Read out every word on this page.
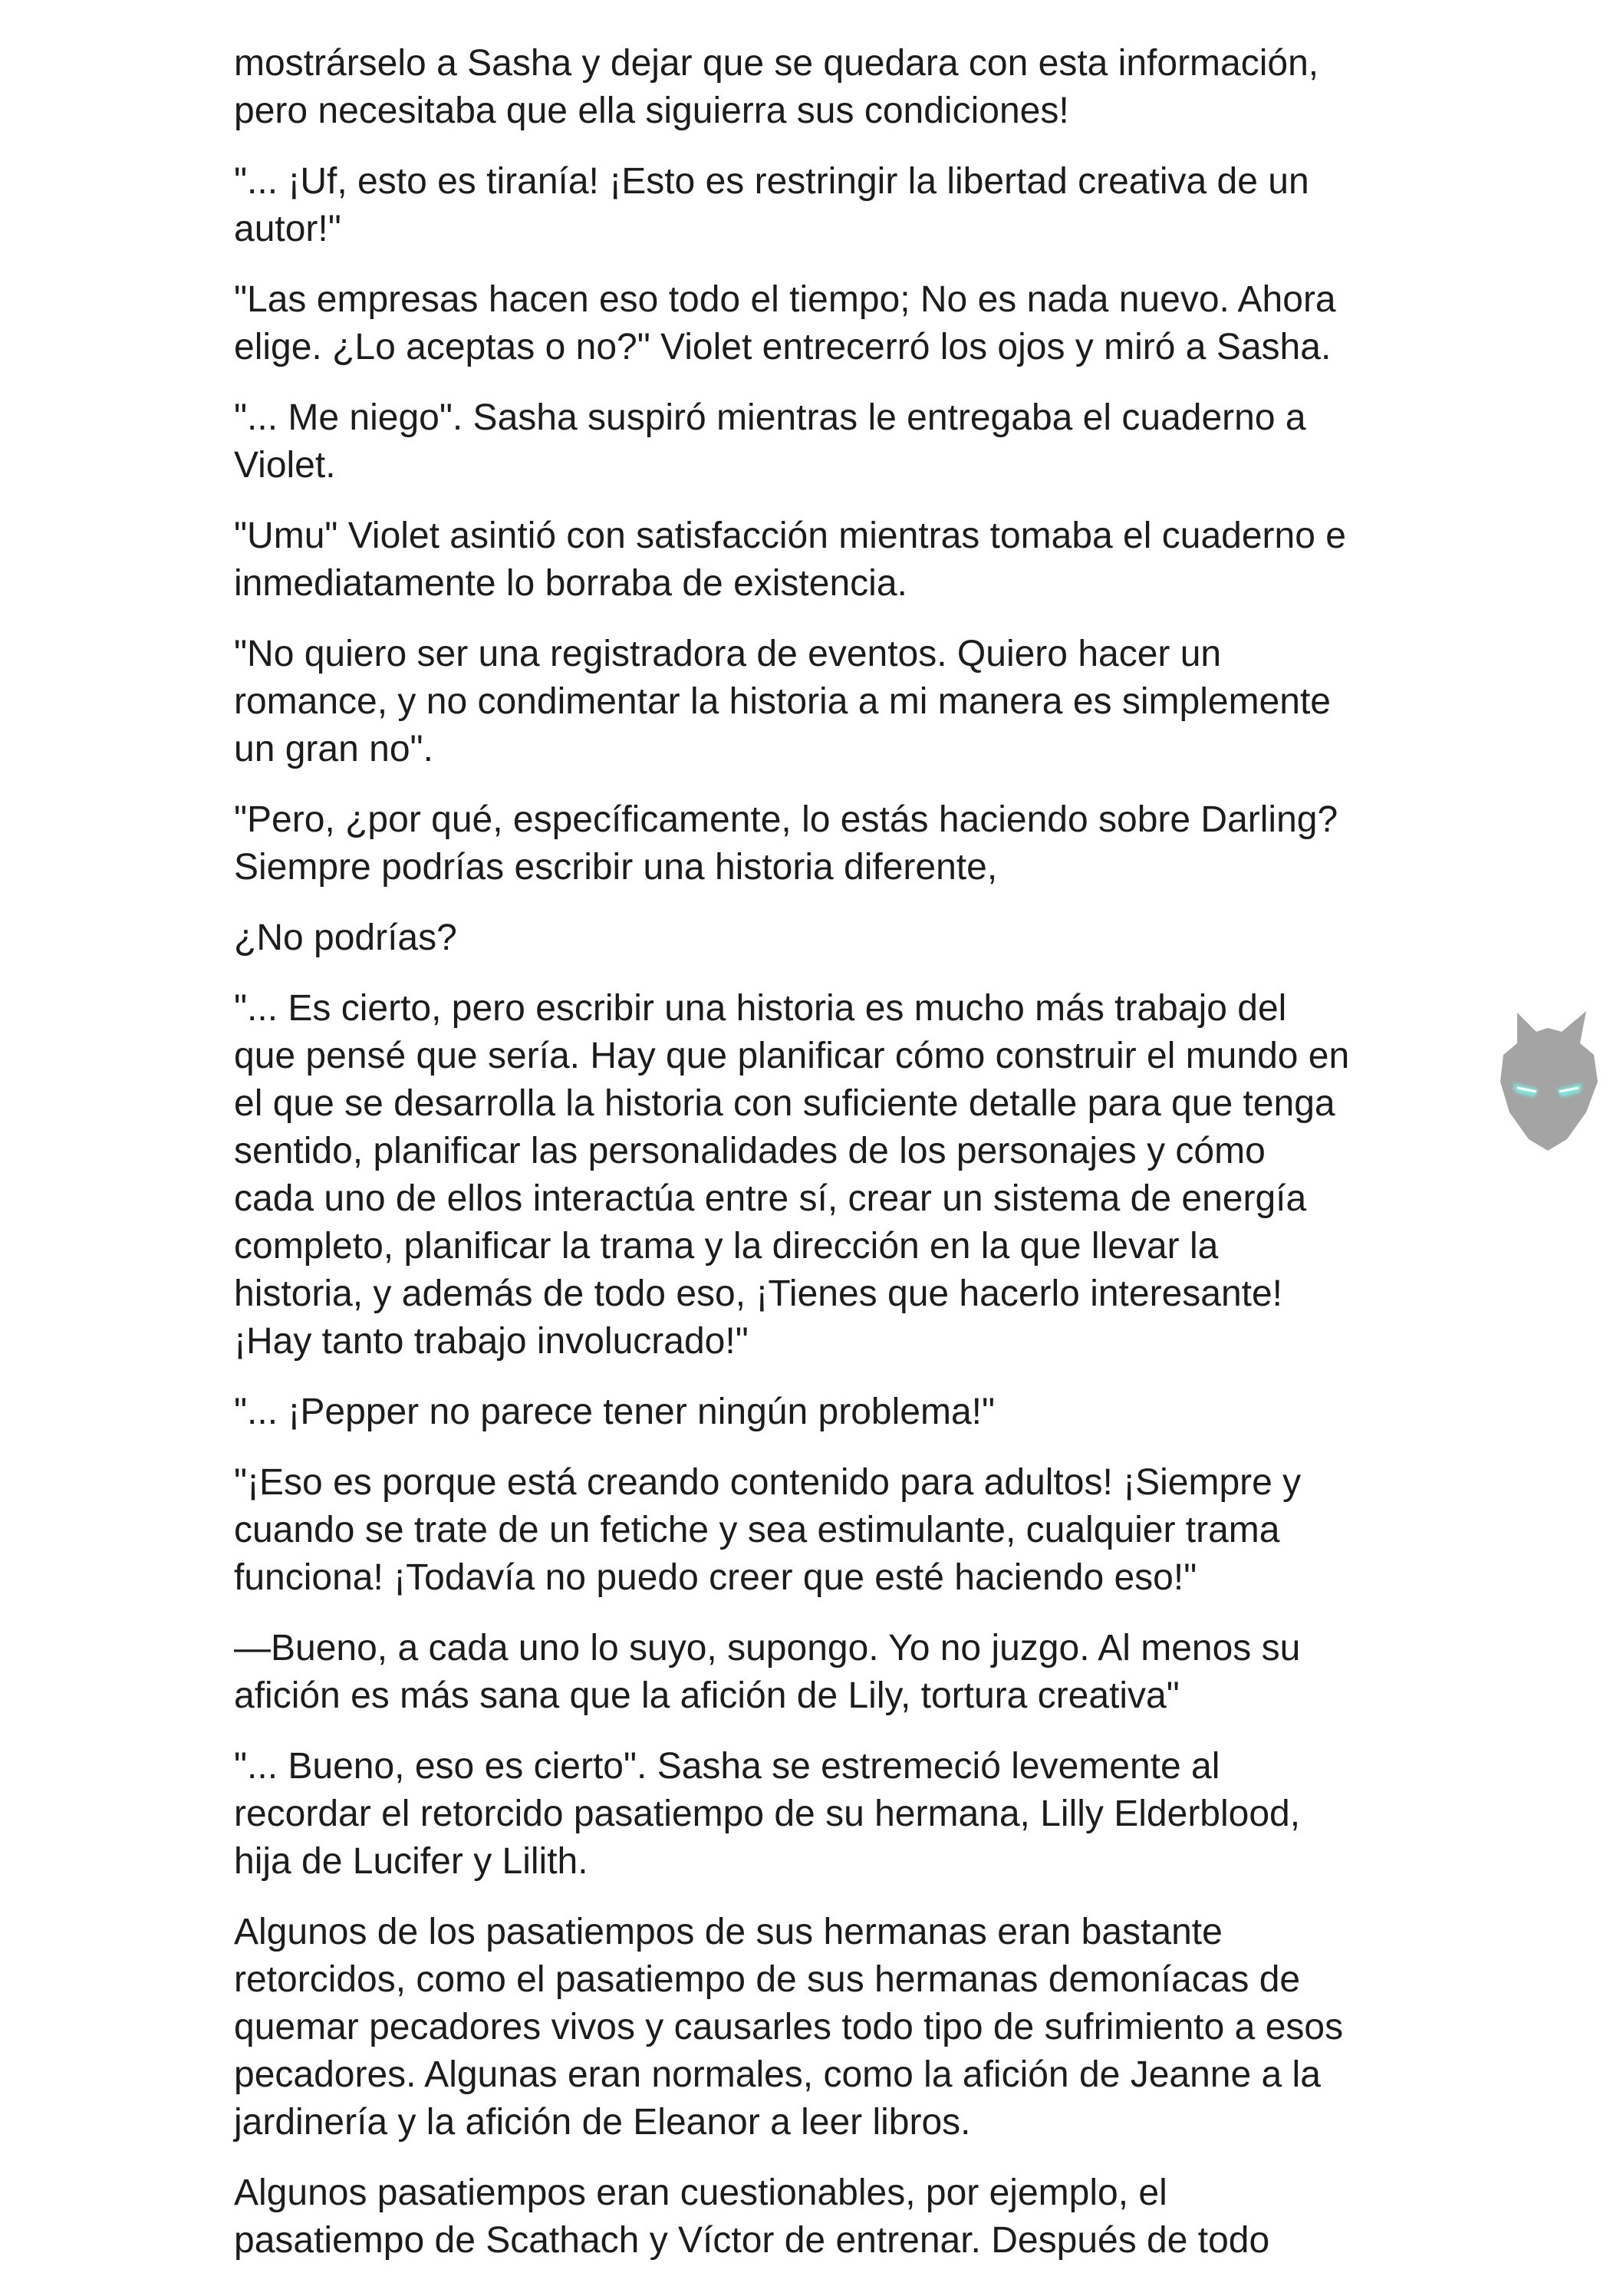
mostrárselo a Sasha y dejar que se quedara con esta información,
pero necesitaba que ella siguierra sus condiciones!

"... ¡Uf, esto es tiranía! ¡Esto es restringir la libertad creativa de un
autor!"

"Las empresas hacen eso todo el tiempo; No es nada nuevo. Ahora
elige. ¿Lo aceptas o no?" Violet entrecerró los ojos y miró a Sasha.

"... Me niego". Sasha suspiró mientras le entregaba el cuaderno a
Violet.

"Umu" Violet asintió con satisfacción mientras tomaba el cuaderno e
inmediatamente lo borraba de existencia.

"No quiero ser una registradora de eventos. Quiero hacer un
romance, y no condimentar la historia a mi manera es simplemente
un gran no".

"Pero, ¿por qué, específicamente, lo estás haciendo sobre Darling?
Siempre podrías escribir una historia diferente,

¿No podrías?

"... Es cierto, pero escribir una historia es mucho más trabajo del
que pensé que sería. Hay que planificar cómo construir el mundo en
el que se desarrolla la historia con suficiente detalle para que tenga
sentido, planificar las personalidades de los personajes y cómo
cada uno de ellos interactúa entre sí, crear un sistema de energía
completo, planificar la trama y la dirección en la que llevar la
historia, y además de todo eso, ¡Tienes que hacerlo interesante!
¡Hay tanto trabajo involucrado!"

"... ¡Pepper no parece tener ningún problema!"

"¡Eso es porque está creando contenido para adultos! ¡Siempre y
cuando se trate de un fetiche y sea estimulante, cualquier trama
funciona! ¡Todavía no puedo creer que esté haciendo eso!"

—Bueno, a cada uno lo suyo, supongo. Yo no juzgo. Al menos su
afición es más sana que la afición de Lily, tortura creativa"

"... Bueno, eso es cierto". Sasha se estremeció levemente al
recordar el retorcido pasatiempo de su hermana, Lilly Elderblood,
hija de Lucifer y Lilith.

Algunos de los pasatiempos de sus hermanas eran bastante
retorcidos, como el pasatiempo de sus hermanas demoníacas de
quemar pecadores vivos y causarles todo tipo de sufrimiento a esos
pecadores. Algunas eran normales, como la afición de Jeanne a la
jardinería y la afición de Eleanor a leer libros.

Algunos pasatiempos eran cuestionables, por ejemplo, el
pasatiempo de Scathach y Víctor de entrenar. Después de todo
